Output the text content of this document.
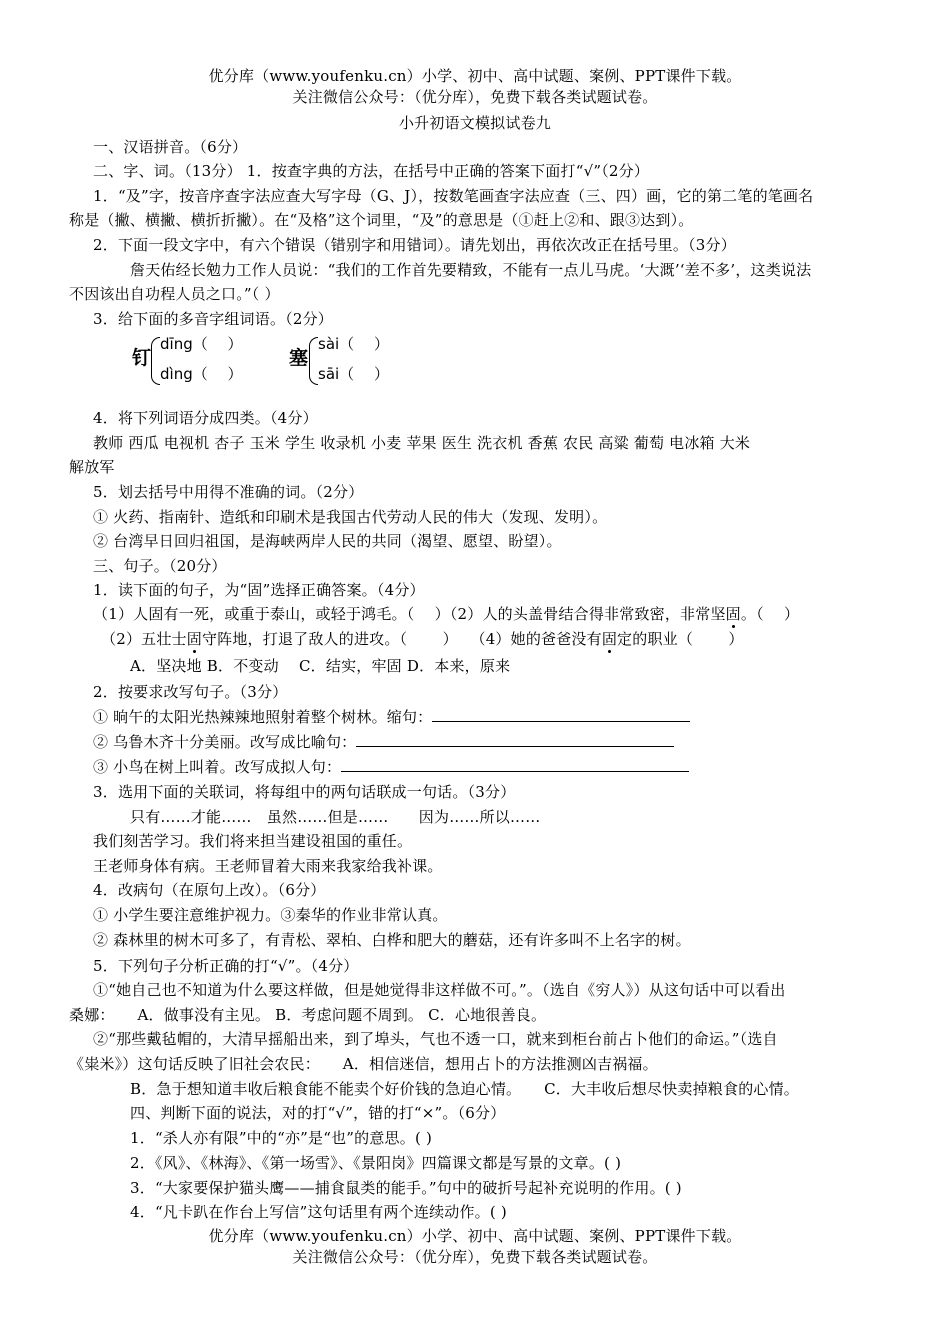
优分库（www.youfenku.cn）小学、初中、高中试题、案例、PPT课件下载。
关注微信公众号：（优分库），免费下载各类试题试卷。
小升初语文模拟试卷九
一、汉语拼音。（6分）
二、字、词。（13分） 1．按查字典的方法，在括号中正确的答案下面打“√”（2分）
1．“及”字，按音序查字法应查大写字母（G、J），按数笔画查字法应查（三、四）画，它的第二笔的笔画名
称是（撇、横撇、横折折撇）。在“及格”这个词里，“及”的意思是（①赶上②和、跟③达到）。
2．下面一段文字中，有六个错误（错别字和用错词）。请先划出，再依次改正在括号里。（3分）
詹天佑经长勉力工作人员说：“我们的工作首先要精致，不能有一点儿马虎。‘大溉’‘差不多’，这类说法
不因该出自功程人员之口。”（ ）
3．给下面的多音字组词语。（2分）
钉
dīng（　 ）
dìng（　 ）
塞
sài（　 ）
sāi（　 ）
4．将下列词语分成四类。（4分）
教师 西瓜 电视机 杏子 玉米 学生 收录机 小麦 苹果 医生 洗衣机 香蕉 农民 高粱 葡萄 电冰箱 大米
解放军
5．划去括号中用得不准确的词。（2分）
① 火药、指南针、造纸和印刷术是我国古代劳动人民的伟大（发现、发明）。
② 台湾早日回归祖国，是海峡两岸人民的共同（渴望、愿望、盼望）。
三、句子。（20分）
1．读下面的句子，为“固”选择正确答案。（4分）
（1）人固有一死，或重于泰山，或轻于鸿毛。（　 ）（2）人的头盖骨结合得非常致密，非常坚固。（　 ）
（2）五壮士固守阵地，打退了敌人的进攻。（　　 ）　 （4）她的爸爸没有固定的职业（　　 ）
A．坚决地 B．不变动　 C．结实，牢固 D．本来，原来
2．按要求改写句子。（3分）
① 晌午的太阳光热辣辣地照射着整个树林。缩句：
② 乌鲁木齐十分美丽。改写成比喻句：
③ 小鸟在树上叫着。改写成拟人句：
3．选用下面的关联词，将每组中的两句话联成一句话。（3分）
只有……才能……　虽然……但是……　　因为……所以……
我们刻苦学习。我们将来担当建设祖国的重任。
王老师身体有病。王老师冒着大雨来我家给我补课。
4．改病句（在原句上改）。（6分）
① 小学生要注意维护视力。③秦华的作业非常认真。
② 森林里的树木可多了，有青松、翠柏、白桦和肥大的蘑菇，还有许多叫不上名字的树。
5．下列句子分析正确的打“√”。（4分）
①“她自己也不知道为什么要这样做，但是她觉得非这样做不可。”。（选自《穷人》）从这句话中可以看出
桑娜：　　A．做事没有主见。 B．考虑问题不周到。 C．心地很善良。
②“那些戴毡帽的，大清早摇船出来，到了埠头，气也不透一口，就来到柜台前占卜他们的命运。”（选自
《粜米》）这句话反映了旧社会农民：　　A．相信迷信，想用占卜的方法推测凶吉祸福。
B．急于想知道丰收后粮食能不能卖个好价钱的急迫心情。　　C．大丰收后想尽快卖掉粮食的心情。
四、判断下面的说法，对的打“√”，错的打“×”。（6分）
1．“杀人亦有限”中的“亦”是“也”的意思。( )
2．《风》、《林海》、《第一场雪》、《景阳岗》四篇课文都是写景的文章。( )
3．“大家要保护猫头鹰——捕食鼠类的能手。”句中的破折号起补充说明的作用。( )
4．“凡卡趴在作台上写信”这句话里有两个连续动作。( )
优分库（www.youfenku.cn）小学、初中、高中试题、案例、PPT课件下载。
关注微信公众号：（优分库），免费下载各类试题试卷。
